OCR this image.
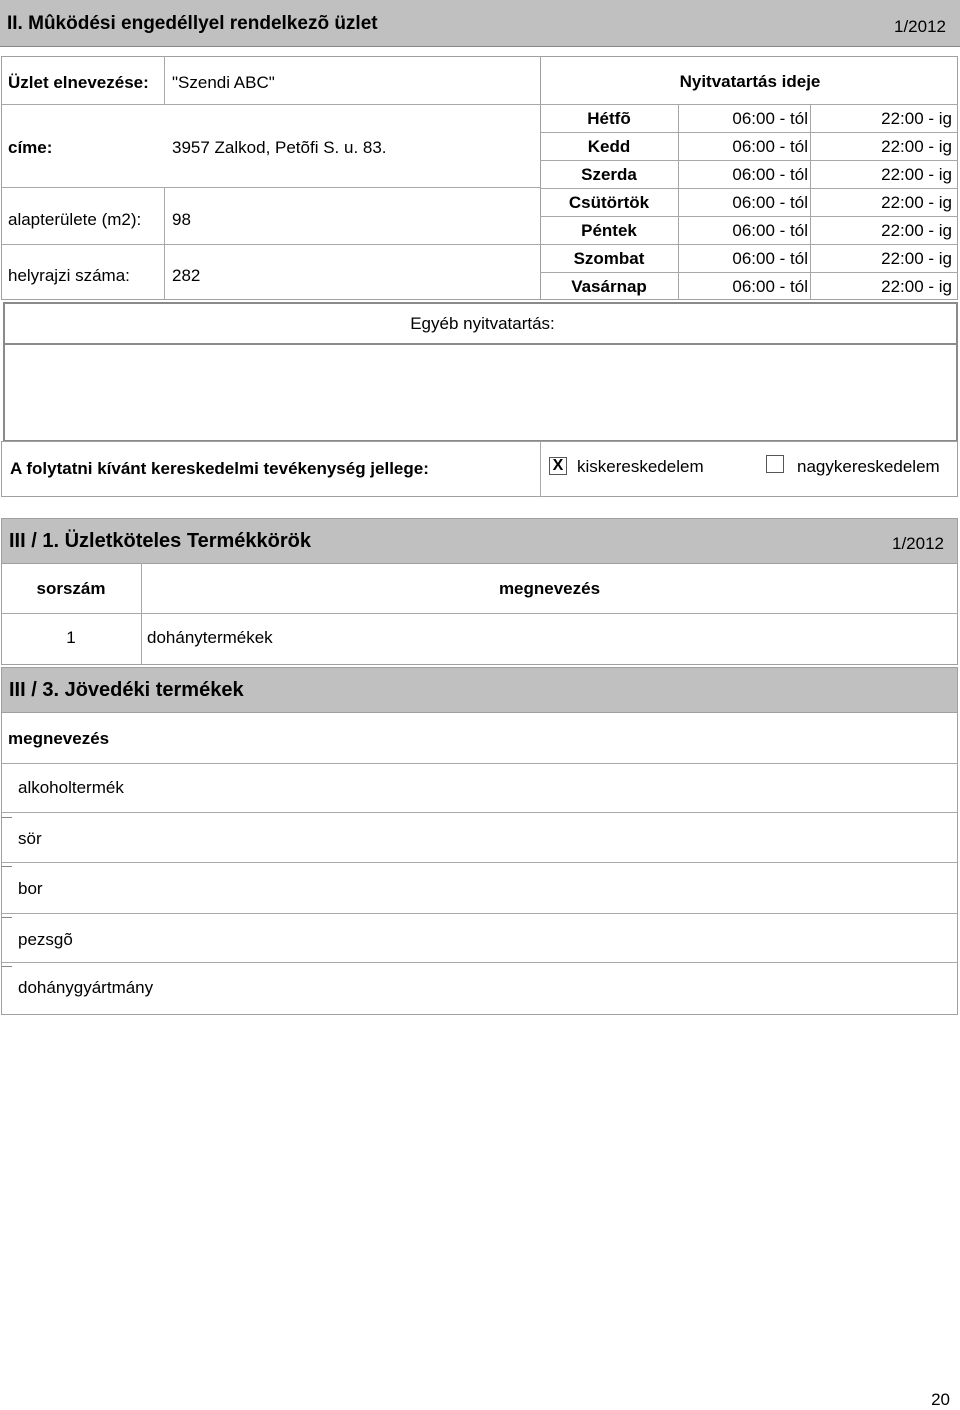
II. Mûködési engedéllyel rendelkezõ üzlet	1/2012
Üzlet elnevezése: "Szendi ABC"
címe:	3957 Zalkod, Petõfi S. u. 83.
alapterülete (m2): 98
helyrajzi száma: 282
Nyitvatartás ideje
Hétfõ	06:00 - tól	22:00 - ig
Kedd	06:00 - tól	22:00 - ig
Szerda	06:00 - tól	22:00 - ig
Csütörtök	06:00 - tól	22:00 - ig
Péntek	06:00 - tól	22:00 - ig
Szombat	06:00 - tól	22:00 - ig
Vasárnap	06:00 - tól	22:00 - ig
Egyéb nyitvatartás:
A folytatni kívánt kereskedelmi tevékenység jellege:	X kiskereskedelem	nagykereskedelem
III / 1. Üzletköteles Termékkörök	1/2012
sorszám	megnevezés
1	dohánytermékek
III / 3. Jövedéki termékek
megnevezés
alkoholtermék
sör
bor
pezsgõ
dohánygyártmány
20
